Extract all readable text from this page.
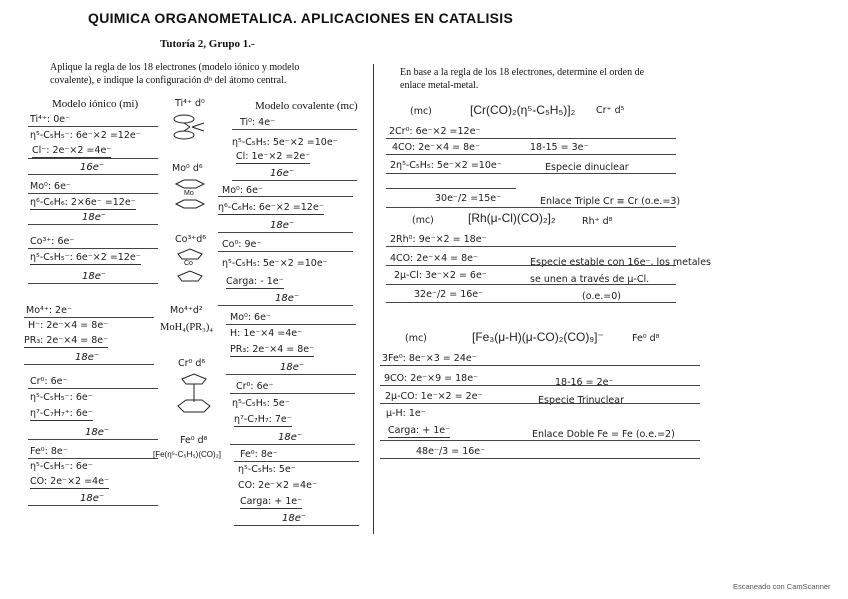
QUIMICA ORGANOMETALICA. APLICACIONES EN CATALISIS
Tutoría 2, Grupo 1.-
Aplique la regla de los 18 electrones (modelo iónico y modelo
covalente), e indique la configuración dⁿ del átomo central.
En base a la regla de los 18 electrones, determine el orden de
enlace metal-metal.
Modelo iónico (mi)	Modelo covalente (mc)
Ti⁴⁺: 0e⁻
η⁵-C₅H₅⁻: 6e⁻×2 =12e⁻
Cl⁻: 2e⁻×2 =4e⁻
16e⁻
Mo⁰: 6e⁻
η⁶-C₆H₆: 2×6e⁻ =12e⁻
18e⁻
Co³⁺: 6e⁻
η⁵-C₅H₅⁻: 6e⁻×2 =12e⁻
18e⁻
Mo⁴⁺: 2e⁻
H⁻: 2e⁻×4 = 8e⁻
PR₃: 2e⁻×4 = 8e⁻
18e⁻
Cr⁰: 6e⁻
η⁵-C₅H₅⁻: 6e⁻
η⁷-C₇H₇⁺: 6e⁻
18e⁻
Fe⁰: 8e⁻
η⁵-C₅H₅⁻: 6e⁻
CO: 2e⁻×2 =4e⁻
18e⁻
Ti⁴⁺ d⁰
Mo⁰ d⁶
Mo
Co³⁺d⁶
Co
Mo⁴⁺d²
MoH₄(PR₃)₄
Cr⁰ d⁶
Fe⁰ d⁸
[Fe(η⁵-C₅H₅)(CO)₂]
Ti⁰: 4e⁻
η⁵-C₅H₅: 5e⁻×2 =10e⁻
Cl: 1e⁻×2 =2e⁻
16e⁻
Mo⁰: 6e⁻
η⁶-C₆H₆: 6e⁻×2 =12e⁻
18e⁻
Co⁰: 9e⁻
η⁵-C₅H₅: 5e⁻×2 =10e⁻
Carga: - 1e⁻
18e⁻
Mo⁰: 6e⁻
H: 1e⁻×4 =4e⁻
PR₃: 2e⁻×4 = 8e⁻
18e⁻
Cr⁰: 6e⁻
η⁵-C₅H₅: 5e⁻
η⁷-C₇H₇: 7e⁻
18e⁻
Fe⁰: 8e⁻
η⁵-C₅H₅: 5e⁻
CO: 2e⁻×2 =4e⁻
Carga: + 1e⁻
18e⁻
(mc)	[Cr(CO)₂(η⁵-C₅H₅)]₂ Cr⁺ d⁵
2Cr⁰: 6e⁻×2 =12e⁻
4CO: 2e⁻×4 = 8e⁻	18-15 = 3e⁻
2η⁵-C₅H₅: 5e⁻×2 =10e⁻	Especie dinuclear
30e⁻/2 =15e⁻	Enlace Triple Cr ≡ Cr (o.e.=3)
(mc)	[Rh(μ-Cl)(CO)₂]₂	Rh⁺ d⁸
2Rh⁰: 9e⁻×2 = 18e⁻
4CO: 2e⁻×4 = 8e⁻	Especie estable con 16e⁻, los metales
2μ-Cl: 3e⁻×2 = 6e⁻	se unen a través de μ-Cl.
32e⁻/2 = 16e⁻	(o.e.=0)
(mc)	[Fe₃(μ-H)(μ-CO)₂(CO)₉]⁻	Fe⁰ d⁸
3Fe⁰: 8e⁻×3 = 24e⁻
9CO: 2e⁻×9 = 18e⁻	18-16 = 2e⁻
2μ-CO: 1e⁻×2 = 2e⁻	Especie Trinuclear
μ-H: 1e⁻
Carga: + 1e⁻	Enlace Doble Fe = Fe (o.e.=2)
48e⁻/3 = 16e⁻
Escaneado con CamScanner
